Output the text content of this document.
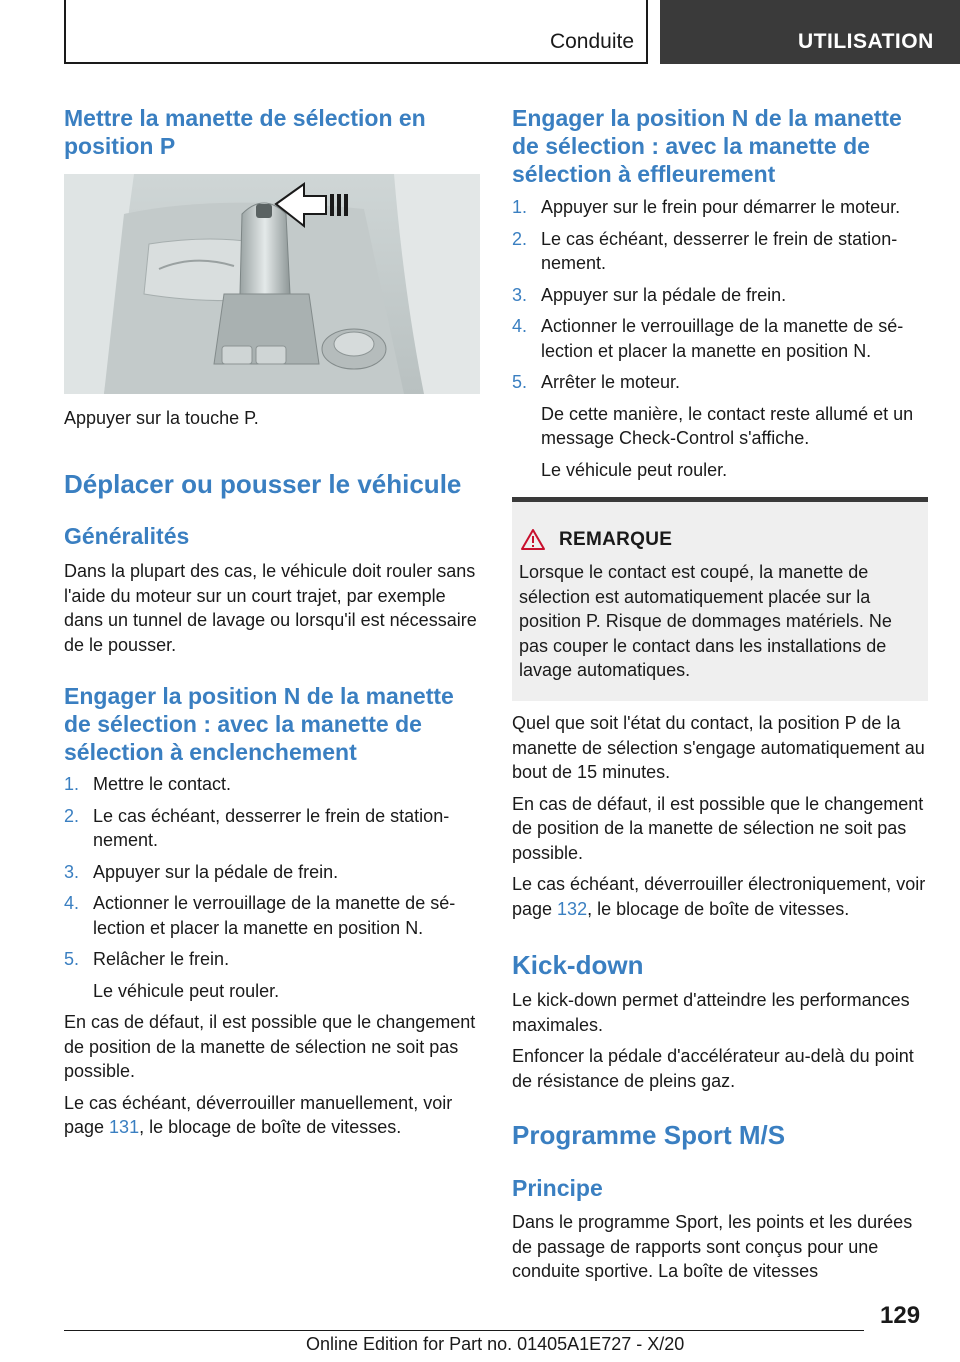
Conduite	UTILISATION
Mettre la manette de sélection en position P
Appuyer sur la touche P.
Déplacer ou pousser le véhicule
Généralités
Dans la plupart des cas, le véhicule doit rouler sans l'aide du moteur sur un court trajet, par exemple dans un tunnel de lavage ou lorsqu'il est nécessaire de le pousser.
Engager la position N de la manette de sélection : avec la manette de sélection à enclenchement
1. Mettre le contact.
2. Le cas échéant, desserrer le frein de stationnement.
3. Appuyer sur la pédale de frein.
4. Actionner le verrouillage de la manette de sélection et placer la manette en position N.
5. Relâcher le frein.
Le véhicule peut rouler.
En cas de défaut, il est possible que le changement de position de la manette de sélection ne soit pas possible.
Le cas échéant, déverrouiller manuellement, voir page 131, le blocage de boîte de vitesses.
Engager la position N de la manette de sélection : avec la manette de sélection à effleurement
1. Appuyer sur le frein pour démarrer le moteur.
2. Le cas échéant, desserrer le frein de stationnement.
3. Appuyer sur la pédale de frein.
4. Actionner le verrouillage de la manette de sélection et placer la manette en position N.
5. Arrêter le moteur.
De cette manière, le contact reste allumé et un message Check-Control s'affiche.
Le véhicule peut rouler.
REMARQUE
Lorsque le contact est coupé, la manette de sélection est automatiquement placée sur la position P. Risque de dommages matériels. Ne pas couper le contact dans les installations de lavage automatiques.
Quel que soit l'état du contact, la position P de la manette de sélection s'engage automatiquement au bout de 15 minutes.
En cas de défaut, il est possible que le changement de position de la manette de sélection ne soit pas possible.
Le cas échéant, déverrouiller électroniquement, voir page 132, le blocage de boîte de vitesses.
Kick-down
Le kick-down permet d'atteindre les performances maximales.
Enfoncer la pédale d'accélérateur au-delà du point de résistance de pleins gaz.
Programme Sport M/S
Principe
Dans le programme Sport, les points et les durées de passage de rapports sont conçus pour une conduite sportive. La boîte de vitesses
129
Online Edition for Part no. 01405A1E727 - X/20
